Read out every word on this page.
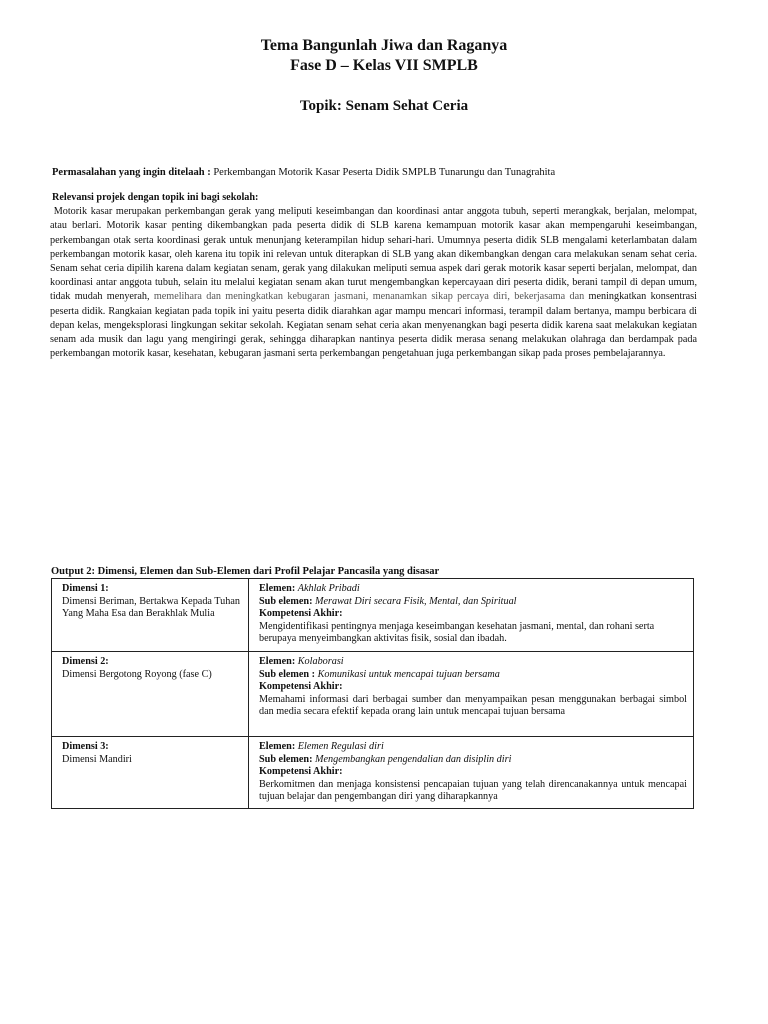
Tema Bangunlah Jiwa dan Raganya

Fase D – Kelas VII SMPLB

Topik: Senam Sehat Ceria
Permasalahan yang ingin ditelaah : Perkembangan Motorik Kasar Peserta Didik SMPLB Tunarungu dan Tunagrahita
Relevansi projek dengan topik ini bagi sekolah:

Motorik kasar merupakan perkembangan gerak yang meliputi keseimbangan dan koordinasi antar anggota tubuh, seperti merangkak, berjalan, melompat, atau berlari. Motorik kasar penting dikembangkan pada peserta didik di SLB karena kemampuan motorik kasar akan mempengaruhi keseimbangan, perkembangan otak serta koordinasi gerak untuk menunjang keterampilan hidup sehari-hari. Umumnya peserta didik SLB mengalami keterlambatan dalam perkembangan motorik kasar, oleh karena itu topik ini relevan untuk diterapkan di SLB yang akan dikembangkan dengan cara melakukan senam sehat ceria. Senam sehat ceria dipilih karena dalam kegiatan senam, gerak yang dilakukan meliputi semua aspek dari gerak motorik kasar seperti berjalan, melompat, dan koordinasi antar anggota tubuh, selain itu melalui kegiatan senam akan turut mengembangkan kepercayaan diri peserta didik, berani tampil di depan umum, tidak mudah menyerah, memelihara dan meningkatkan kebugaran jasmani, menanamkan sikap percaya diri, bekerjasama dan meningkatkan konsentrasi peserta didik. Rangkaian kegiatan pada topik ini yaitu peserta didik diarahkan agar mampu mencari informasi, terampil dalam bertanya, mampu berbicara di depan kelas, mengeksplorasi lingkungan sekitar sekolah. Kegiatan senam sehat ceria akan menyenangkan bagi peserta didik karena saat melakukan kegiatan senam ada musik dan lagu yang mengiringi gerak, sehingga diharapkan nantinya peserta didik merasa senang melakukan olahraga dan berdampak pada perkembangan motorik kasar, kesehatan, kebugaran jasmani serta perkembangan pengetahuan juga perkembangan sikap pada proses pembelajarannya.

Output 2: Dimensi, Elemen dan Sub-Elemen dari Profil Pelajar Pancasila yang disasar
Dimensi 1:
Dimensi Beriman, Bertakwa Kepada Tuhan Yang Maha Esa dan Berakhlak Mulia	Elemen: Akhlak Pribadi
Sub elemen: Merawat Diri secara Fisik, Mental, dan Spiritual
Kompetensi Akhir:
Mengidentifikasi pentingnya menjaga keseimbangan kesehatan jasmani, mental, dan rohani serta berupaya menyeimbangkan aktivitas fisik, sosial dan ibadah.

Dimensi 2:
Dimensi Bergotong Royong (fase C)	Elemen: Kolaborasi
Sub elemen : Komunikasi untuk mencapai tujuan bersama
Kompetensi Akhir:

Memahami informasi dari berbagai sumber dan menyampaikan pesan menggunakan berbagai simbol dan media secara efektif kepada orang lain untuk mencapai tujuan bersama

Dimensi 3:
Dimensi Mandiri	Elemen: Elemen Regulasi diri
Sub elemen: Mengembangkan pengendalian dan disiplin diri
Kompetensi Akhir:

Berkomitmen dan menjaga konsistensi pencapaian tujuan yang telah direncanakannya untuk mencapai tujuan belajar dan pengembangan diri yang diharapkannya
